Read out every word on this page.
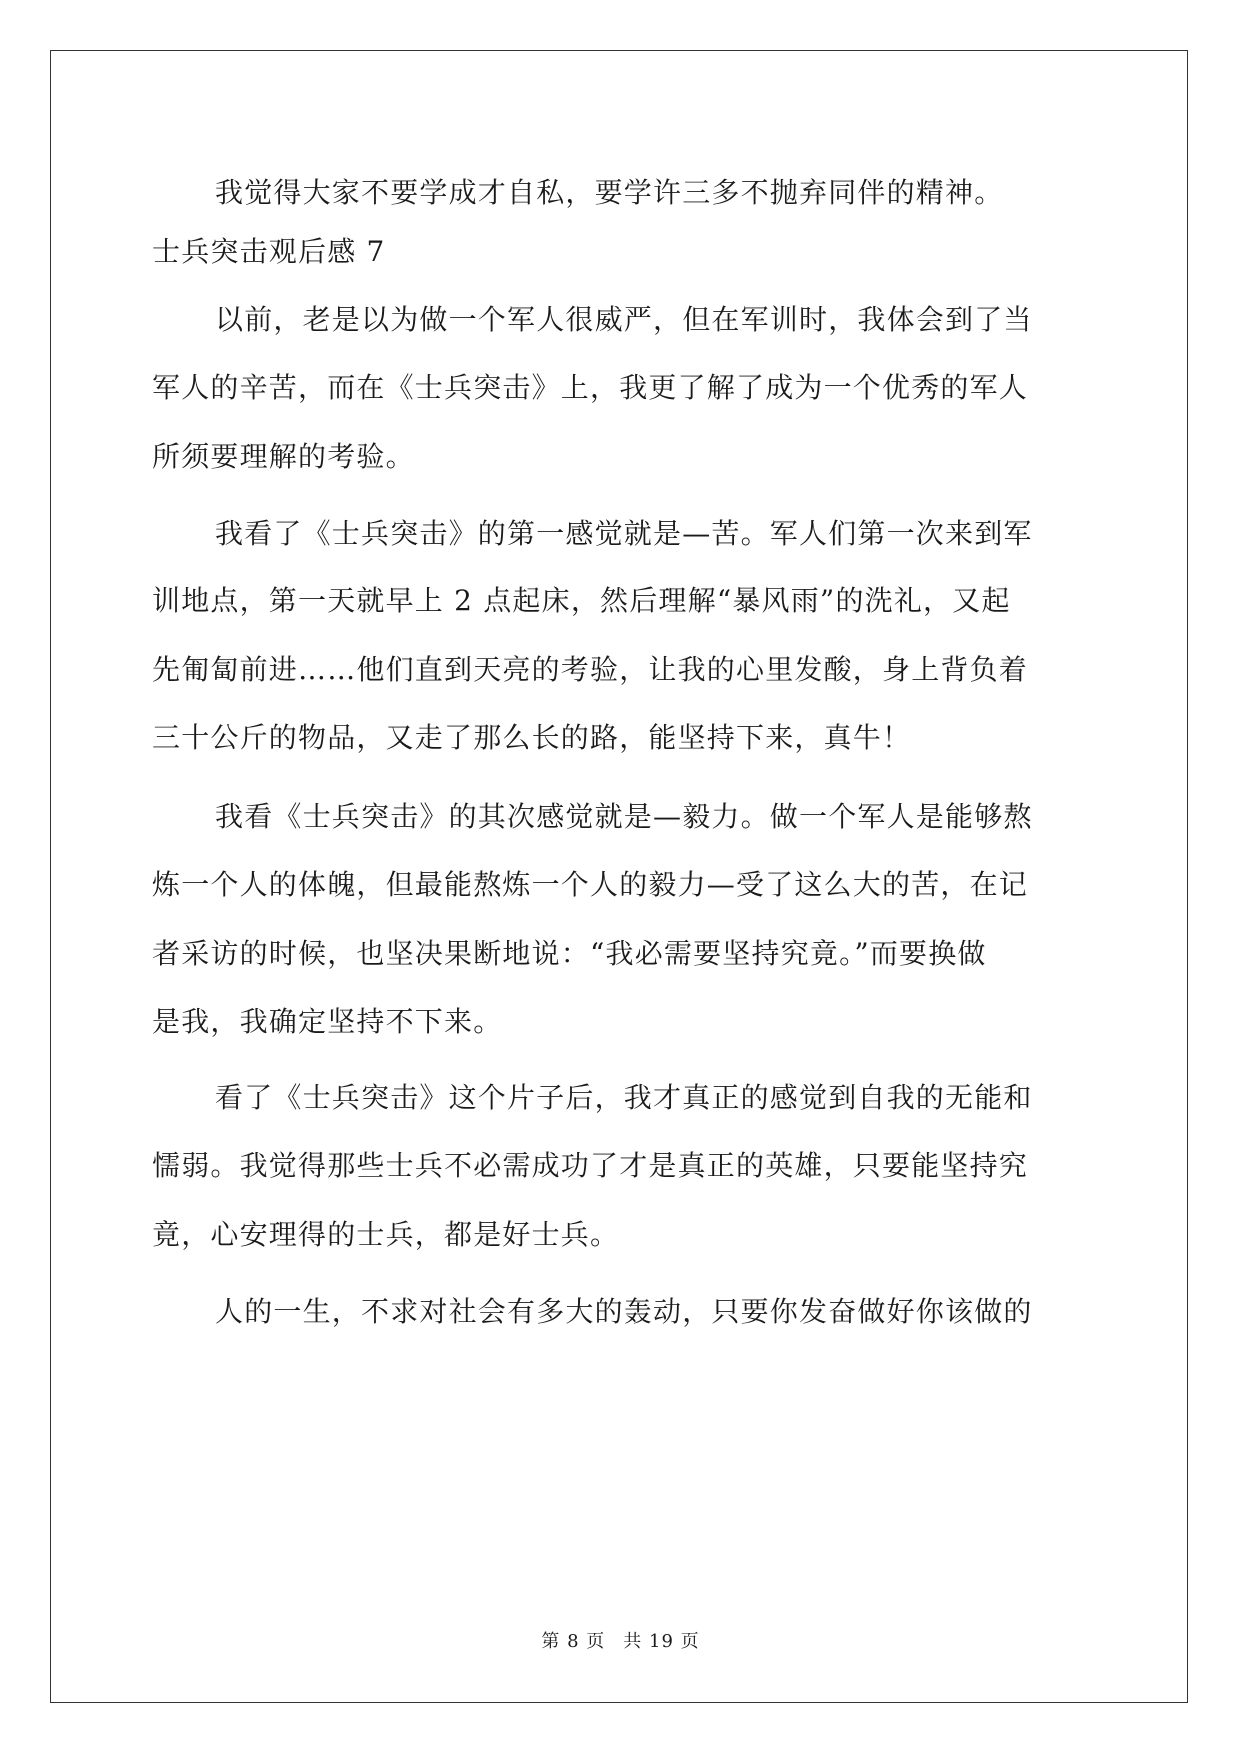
我觉得大家不要学成才自私，要学许三多不抛弃同伴的精神。
士兵突击观后感 7
以前，老是以为做一个军人很威严，但在军训时，我体会到了当
军人的辛苦，而在《士兵突击》上，我更了解了成为一个优秀的军人
所须要理解的考验。
我看了《士兵突击》的第一感觉就是—苦。军人们第一次来到军
训地点，第一天就早上 2 点起床，然后理解“暴风雨”的洗礼，又起
先匍匐前进……他们直到天亮的考验，让我的心里发酸，身上背负着
三十公斤的物品，又走了那么长的路，能坚持下来，真牛！
我看《士兵突击》的其次感觉就是—毅力。做一个军人是能够熬
炼一个人的体魄，但最能熬炼一个人的毅力—受了这么大的苦，在记
者采访的时候，也坚决果断地说：“我必需要坚持究竟。”而要换做
是我，我确定坚持不下来。
看了《士兵突击》这个片子后，我才真正的感觉到自我的无能和
懦弱。我觉得那些士兵不必需成功了才是真正的英雄，只要能坚持究
竟，心安理得的士兵，都是好士兵。
人的一生，不求对社会有多大的轰动，只要你发奋做好你该做的
第 8 页 共 19 页
